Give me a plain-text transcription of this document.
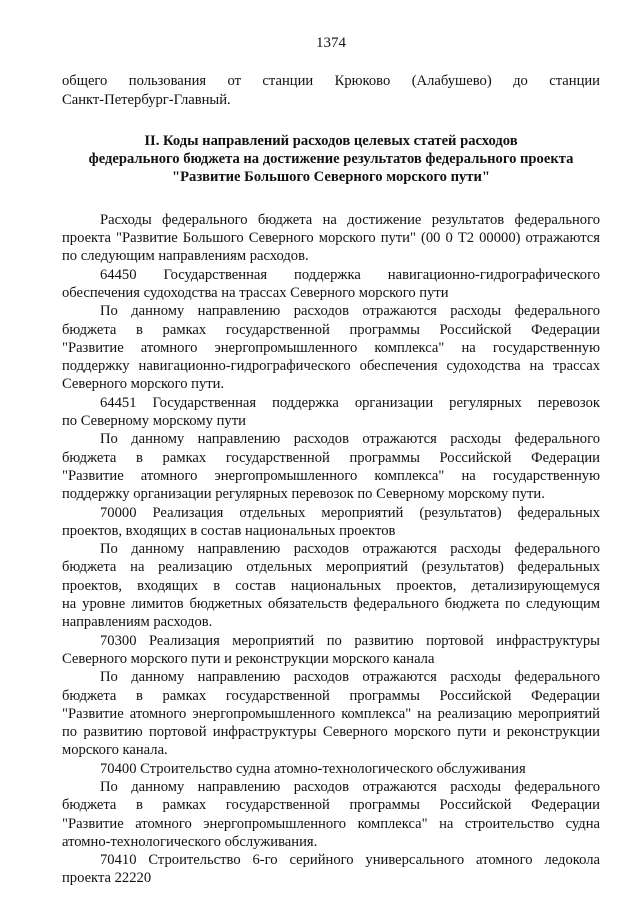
1374
общего пользования от станции Крюково (Алабушево) до станции
Санкт-Петербург-Главный.
II. Коды направлений расходов целевых статей расходов
федерального бюджета на достижение результатов федерального проекта
"Развитие Большого Северного морского пути"

Расходы федерального бюджета на достижение результатов федерального
проекта "Развитие Большого Северного морского пути" (00 0 Т2 00000) отражаются
по следующим направлениям расходов.

64450 Государственная поддержка навигационно-гидрографического
обеспечения судоходства на трассах Северного морского пути

По данному направлению расходов отражаются расходы федерального
бюджета в рамках государственной программы Российской Федерации
"Развитие атомного энергопромышленного комплекса" на государственную
поддержку навигационно-гидрографического обеспечения судоходства на трассах
Северного морского пути.

64451 Государственная поддержка организации регулярных перевозок
по Северному морскому пути

По данному направлению расходов отражаются расходы федерального
бюджета в рамках государственной программы Российской Федерации
"Развитие атомного энергопромышленного комплекса" на государственную
поддержку организации регулярных перевозок по Северному морскому пути.

70000 Реализация отдельных мероприятий (результатов) федеральных
проектов, входящих в состав национальных проектов

По данному направлению расходов отражаются расходы федерального
бюджета на реализацию отдельных мероприятий (результатов) федеральных
проектов, входящих в состав национальных проектов, детализирующемуся
на уровне лимитов бюджетных обязательств федерального бюджета по следующим
направлениям расходов.

70300 Реализация мероприятий по развитию портовой инфраструктуры
Северного морского пути и реконструкции морского канала

По данному направлению расходов отражаются расходы федерального
бюджета в рамках государственной программы Российской Федерации
"Развитие атомного энергопромышленного комплекса" на реализацию мероприятий
по развитию портовой инфраструктуры Северного морского пути и реконструкции
морского канала.

70400 Строительство судна атомно-технологического обслуживания

По данному направлению расходов отражаются расходы федерального
бюджета в рамках государственной программы Российской Федерации
"Развитие атомного энергопромышленного комплекса" на строительство судна
атомно-технологического обслуживания.

70410 Строительство 6-го серийного универсального атомного ледокола
проекта 22220
